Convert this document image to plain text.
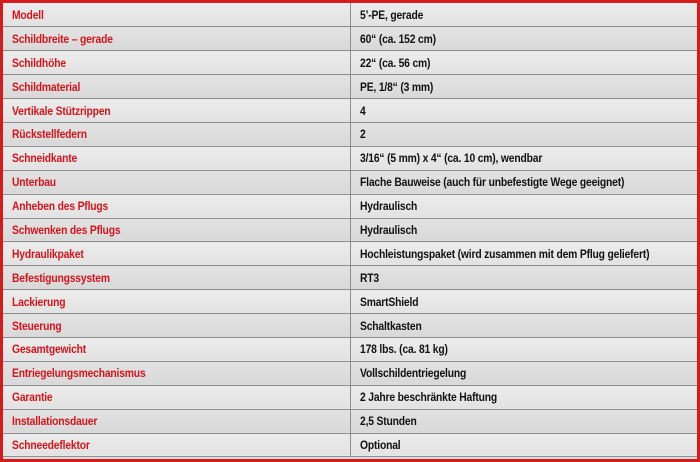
Modell	5’-PE, gerade
Schildbreite – gerade	60“ (ca. 152 cm)
Schildhöhe	22“ (ca. 56 cm)
Schildmaterial	PE, 1/8“ (3 mm)
Vertikale Stützrippen	4
Rückstellfedern	2
Schneidkante	3/16“ (5 mm) x 4“ (ca. 10 cm), wendbar
Unterbau	Flache Bauweise (auch für unbefestigte Wege geeignet)
Anheben des Pflugs	Hydraulisch
Schwenken des Pflugs	Hydraulisch
Hydraulikpaket	Hochleistungspaket (wird zusammen mit dem Pflug geliefert)
Befestigungssystem	RT3
Lackierung	SmartShield
Steuerung	Schaltkasten
Gesamtgewicht	178 lbs. (ca. 81 kg)
Entriegelungsmechanismus	Vollschildentriegelung
Garantie	2 Jahre beschränkte Haftung
Installationsdauer	2,5 Stunden
Schneedeflektor	Optional
